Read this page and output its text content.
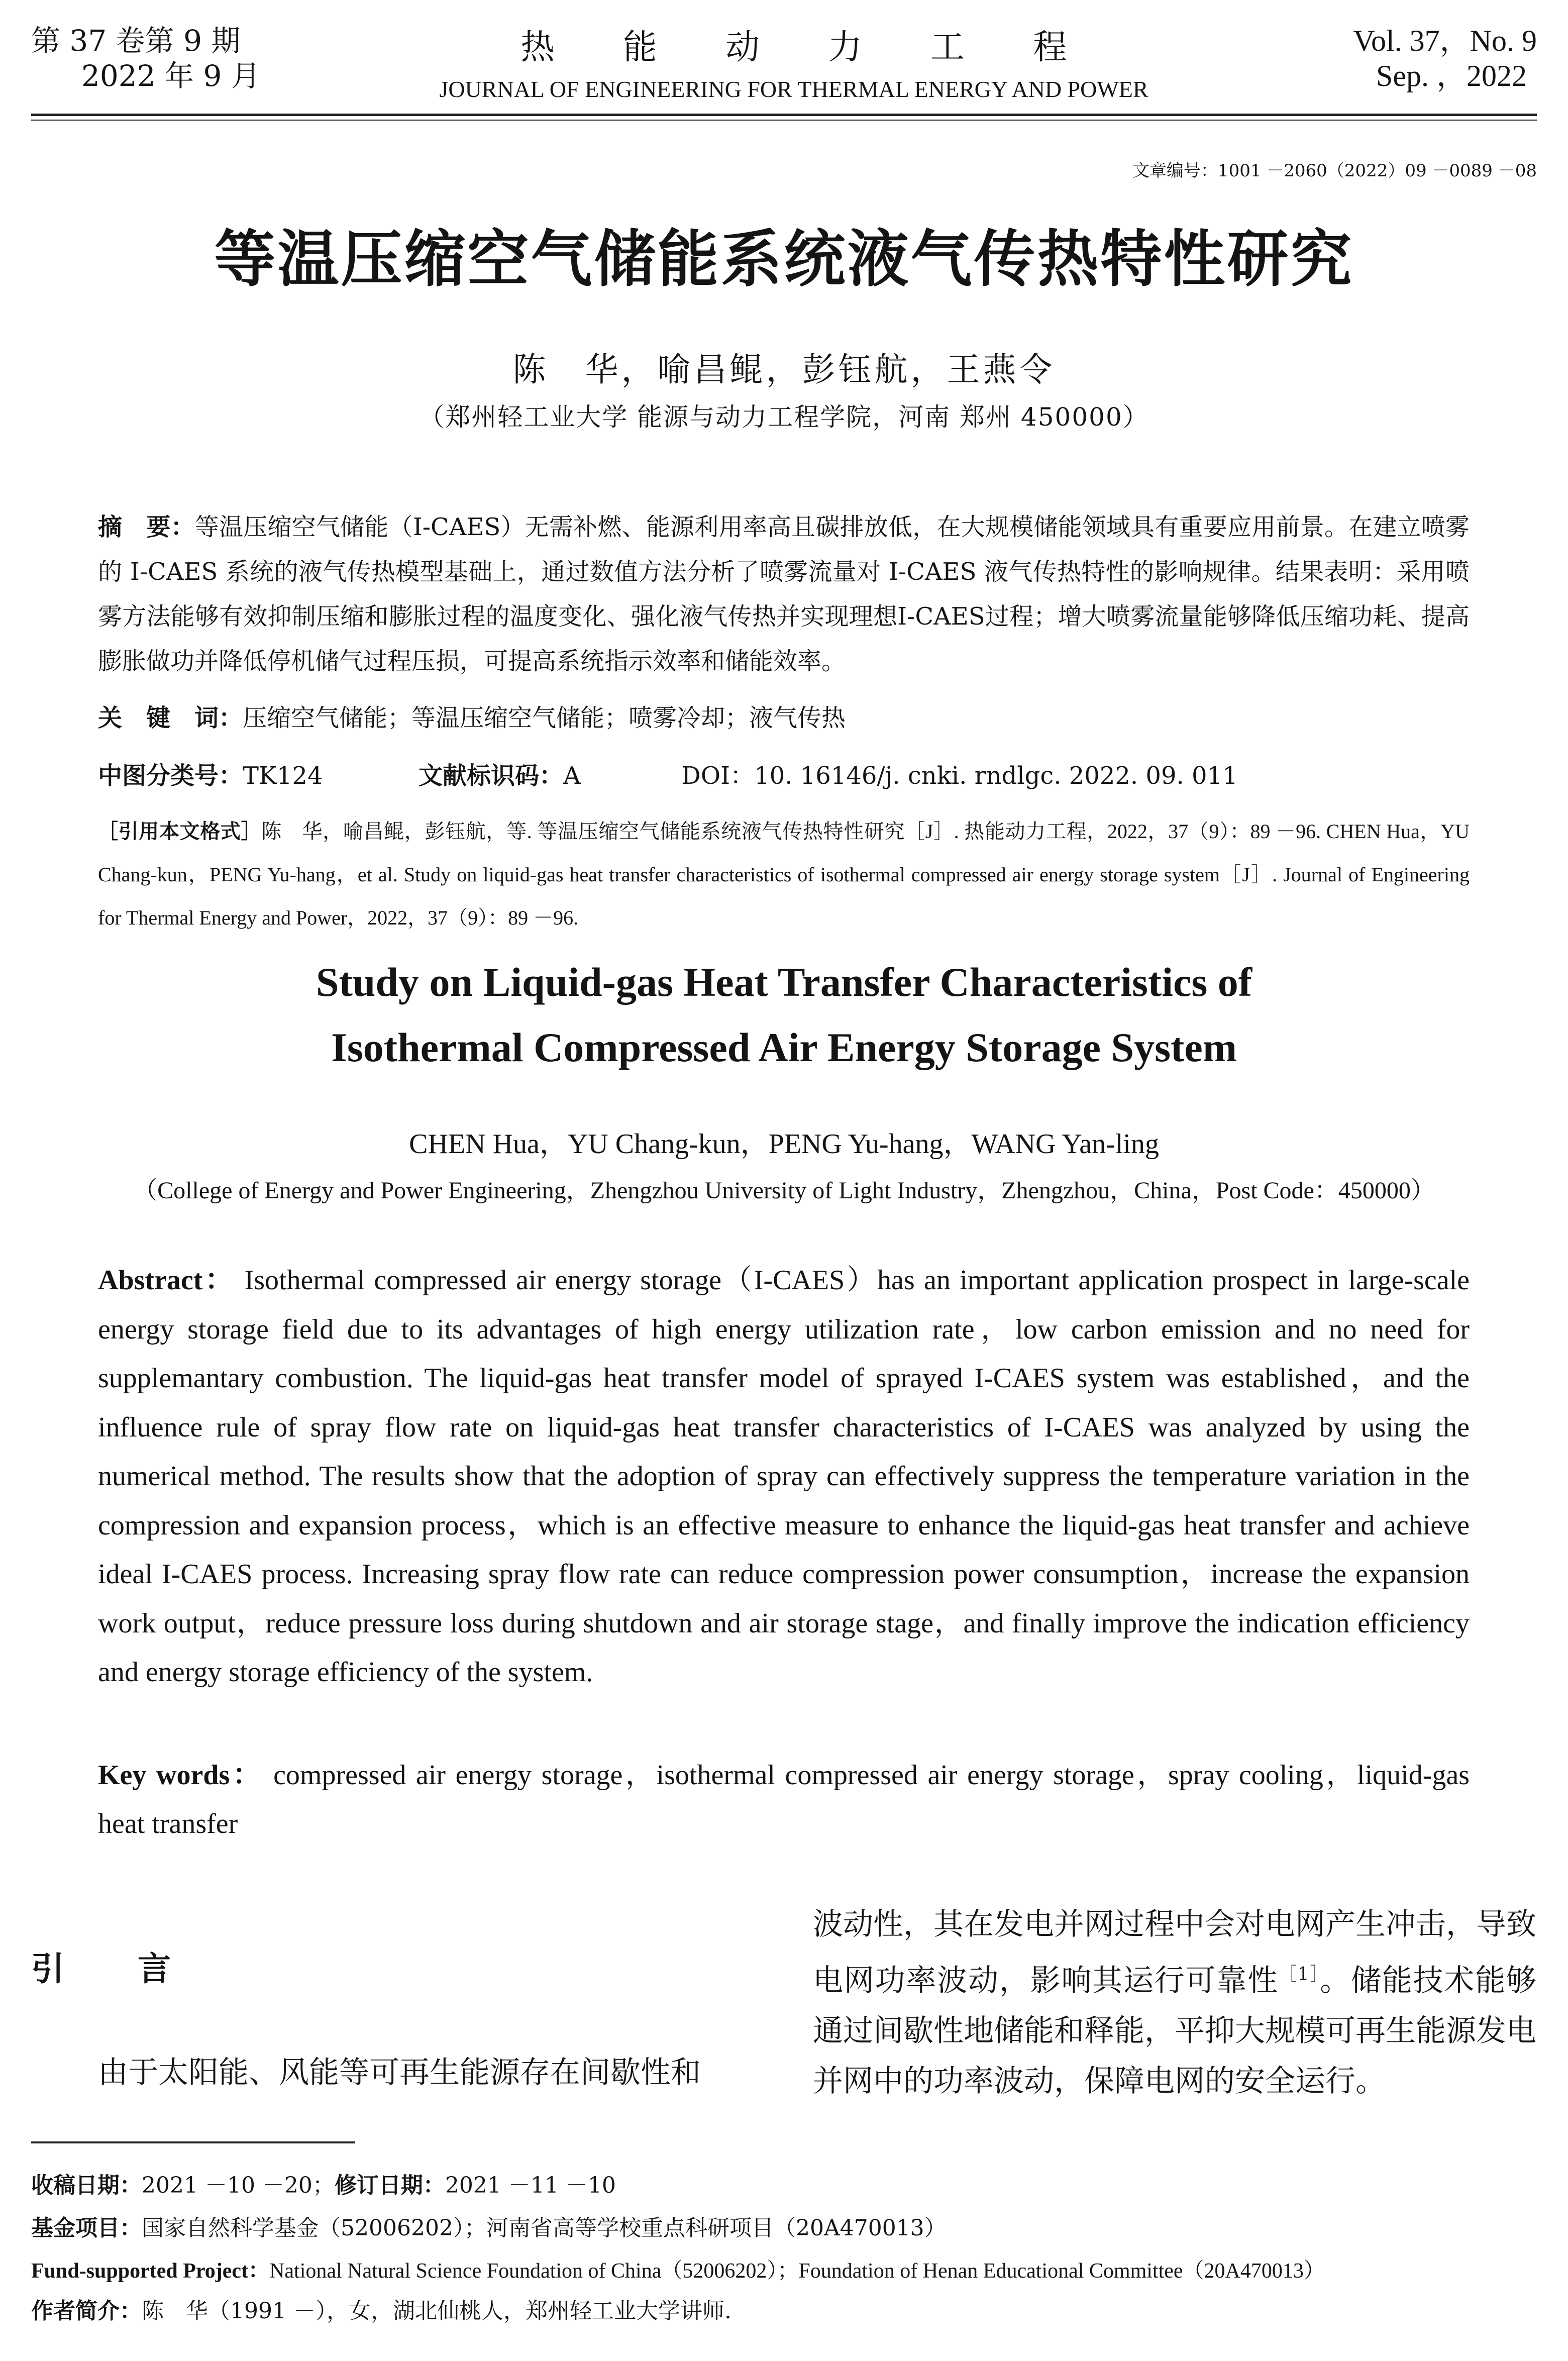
第 37 卷第 9 期
2022 年 9 月
热　　能　　动　　力　　工　　程
JOURNAL OF ENGINEERING FOR THERMAL ENERGY AND POWER
Vol. 37，No. 9
Sep. ，2022
文章编号：1001 －2060（2022）09 －0089 －08
等温压缩空气储能系统液气传热特性研究
陈　华，喻昌鲲，彭钰航，王燕令
（郑州轻工业大学 能源与动力工程学院，河南 郑州 450000）
摘　要：等温压缩空气储能（I-CAES）无需补燃、能源利用率高且碳排放低，在大规模储能领域具有重要应用前景。在建立喷雾的 I-CAES 系统的液气传热模型基础上，通过数值方法分析了喷雾流量对 I-CAES 液气传热特性的影响规律。结果表明：采用喷雾方法能够有效抑制压缩和膨胀过程的温度变化、强化液气传热并实现理想I-CAES过程；增大喷雾流量能够降低压缩功耗、提高膨胀做功并降低停机储气过程压损，可提高系统指示效率和储能效率。
关　键　词：压缩空气储能；等温压缩空气储能；喷雾冷却；液气传热
中图分类号：TK124	文献标识码：A	DOI：10. 16146/j. cnki. rndlgc. 2022. 09. 011
［引用本文格式］陈　华，喻昌鲲，彭钰航，等. 等温压缩空气储能系统液气传热特性研究［J］. 热能动力工程，2022，37（9）：89 －96. CHEN Hua，YU Chang-kun，PENG Yu-hang，et al. Study on liquid-gas heat transfer characteristics of isothermal compressed air energy storage system［J］. Journal of Engineering for Thermal Energy and Power，2022，37（9）：89 －96.
Study on Liquid-gas Heat Transfer Characteristics of
Isothermal Compressed Air Energy Storage System
CHEN Hua，YU Chang-kun，PENG Yu-hang，WANG Yan-ling
（College of Energy and Power Engineering，Zhengzhou University of Light Industry，Zhengzhou，China，Post Code：450000）
Abstract： Isothermal compressed air energy storage（I-CAES）has an important application prospect in large-scale energy storage field due to its advantages of high energy utilization rate，low carbon emission and no need for supplemantary combustion. The liquid-gas heat transfer model of sprayed I-CAES system was established，and the influence rule of spray flow rate on liquid-gas heat transfer characteristics of I-CAES was analyzed by using the numerical method. The results show that the adoption of spray can effectively suppress the temperature variation in the compression and expansion process，which is an effective measure to enhance the liquid-gas heat transfer and achieve ideal I-CAES process. Increasing spray flow rate can reduce compression power consumption，increase the expansion work output，reduce pressure loss during shutdown and air storage stage，and finally improve the indication efficiency and energy storage efficiency of the system.
Key words： compressed air energy storage，isothermal compressed air energy storage，spray cooling，liquid-gas heat transfer
引　言
由于太阳能、风能等可再生能源存在间歇性和
波动性，其在发电并网过程中会对电网产生冲击，导致电网功率波动，影响其运行可靠性$^{[1]}$。储能技术能够通过间歇性地储能和释能，平抑大规模可再生能源发电并网中的功率波动，保障电网的安全运行。
收稿日期：2021 －10 －20；修订日期：2021 －11 －10
基金项目：国家自然科学基金（52006202）；河南省高等学校重点科研项目（20A470013）
Fund-supported Project：National Natural Science Foundation of China（52006202）；Foundation of Henan Educational Committee（20A470013）
作者简介：陈　华（1991 －），女，湖北仙桃人，郑州轻工业大学讲师.
